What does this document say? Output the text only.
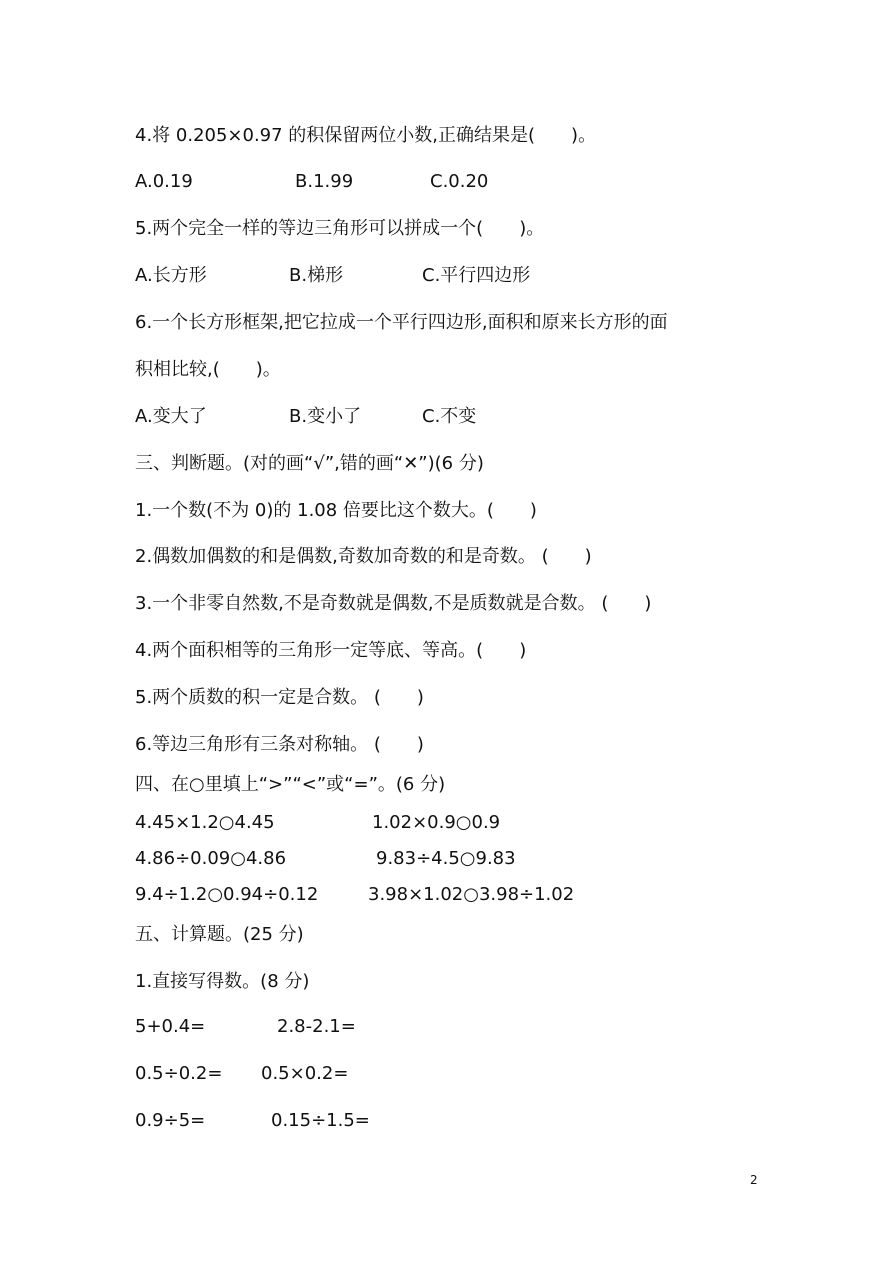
4.将 0.205×0.97 的积保留两位小数,正确结果是(　　)。
A.0.19	B.1.99	C.0.20
5.两个完全一样的等边三角形可以拼成一个(　　)。
A.长方形	B.梯形	C.平行四边形
6.一个长方形框架,把它拉成一个平行四边形,面积和原来长方形的面
积相比较,(　　)。
A.变大了	B.变小了	C.不变
三、判断题。(对的画“√”,错的画“✕”)(6 分)
1.一个数(不为 0)的 1.08 倍要比这个数大。(　　)
2.偶数加偶数的和是偶数,奇数加奇数的和是奇数。 (　　)
3.一个非零自然数,不是奇数就是偶数,不是质数就是合数。 (　　)
4.两个面积相等的三角形一定等底、等高。(　　)
5.两个质数的积一定是合数。 (　　)
6.等边三角形有三条对称轴。 (　　)
四、在○里填上“>”“<”或“=”。(6 分)
4.45×1.2○4.45	1.02×0.9○0.9
4.86÷0.09○4.86	9.83÷4.5○9.83
9.4÷1.2○0.94÷0.12	3.98×1.02○3.98÷1.02
五、计算题。(25 分)
1.直接写得数。(8 分)
5+0.4=	2.8-2.1=
0.5÷0.2= 0.5×0.2=
0.9÷5=	0.15÷1.5=
2
